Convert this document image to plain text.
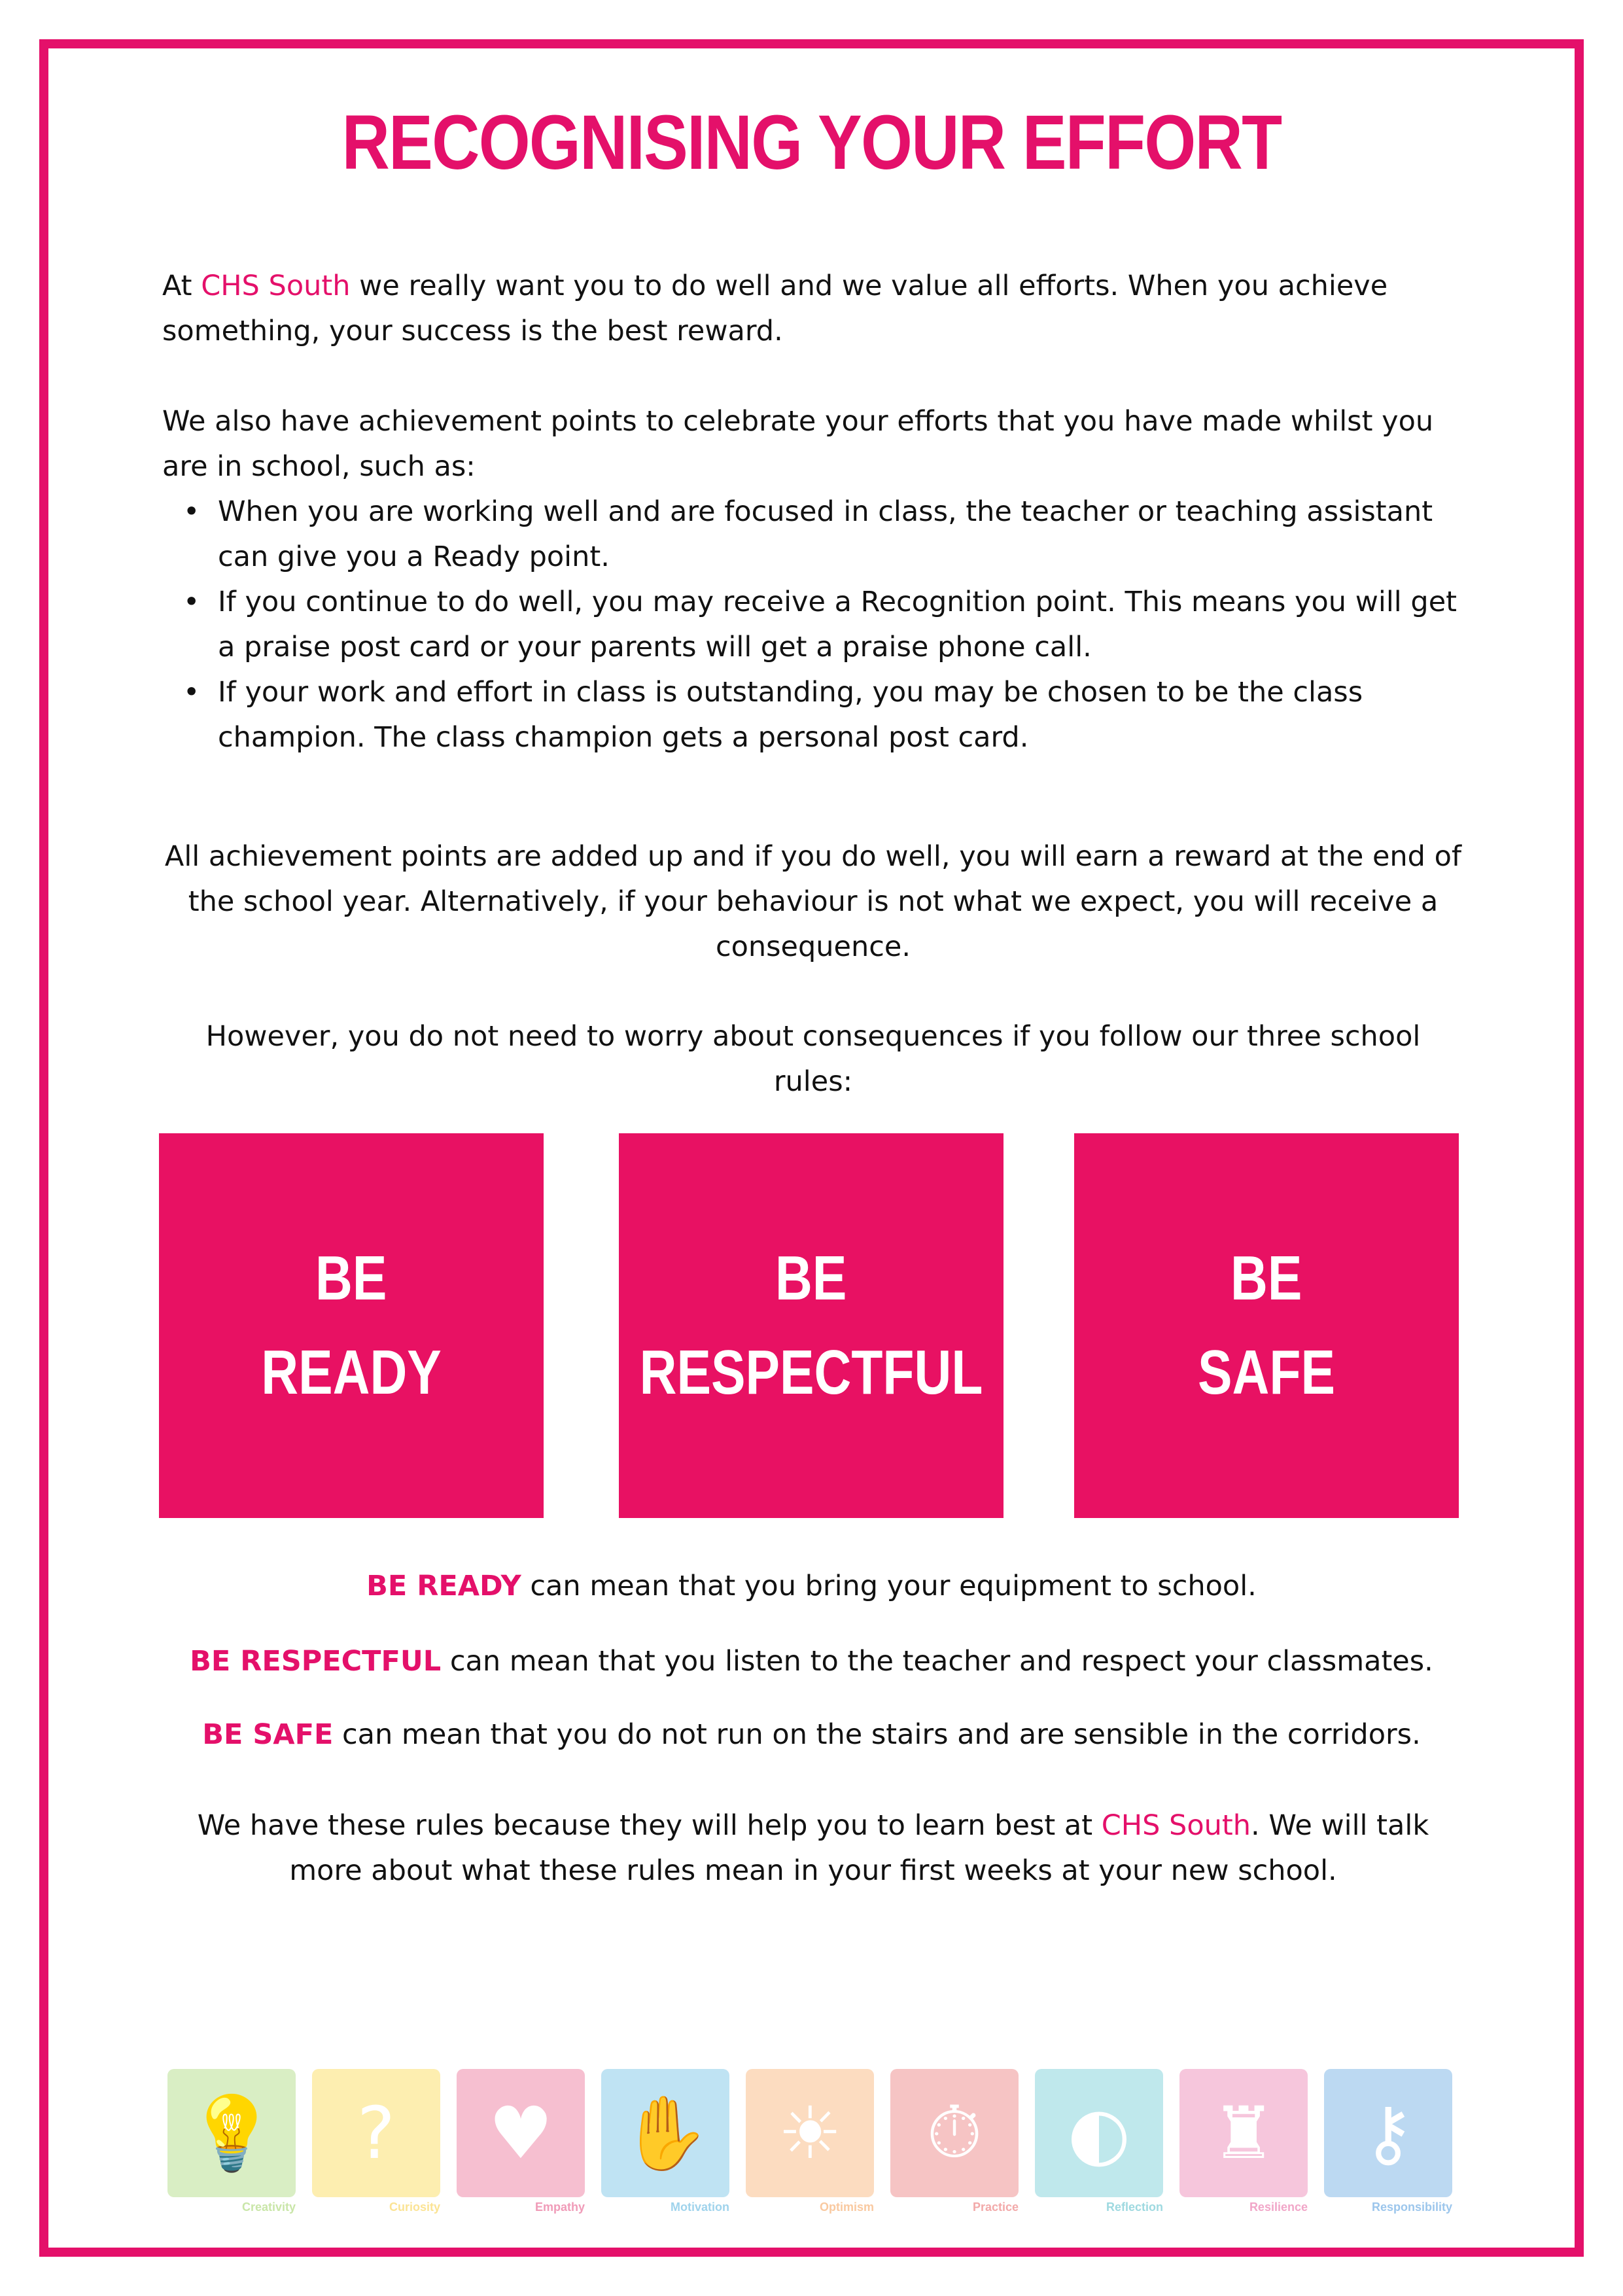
RECOGNISING YOUR EFFORT
At CHS South we really want you to do well and we value all efforts. When you achieve something, your success is the best reward.
We also have achievement points to celebrate your efforts that you have made whilst you are in school, such as:
• When you are working well and are focused in class, the teacher or teaching assistant can give you a Ready point.
• If you continue to do well, you may receive a Recognition point. This means you will get a praise post card or your parents will get a praise phone call.
• If your work and effort in class is outstanding, you may be chosen to be the class champion. The class champion gets a personal post card.
All achievement points are added up and if you do well, you will earn a reward at the end of the school year. Alternatively, if your behaviour is not what we expect, you will receive a consequence.
However, you do not need to worry about consequences if you follow our three school rules:
BE
READY
BE
RESPECTFUL
BE
SAFE
BE READY can mean that you bring your equipment to school.
BE RESPECTFUL can mean that you listen to the teacher and respect your classmates.
BE SAFE can mean that you do not run on the stairs and are sensible in the corridors.
We have these rules because they will help you to learn best at CHS South. We will talk more about what these rules mean in your first weeks at your new school.
💡
Creativity
?
Curiosity
♥
Empathy
✋
Motivation
☀
Optimism
⏱
Practice
◐
Reflection
♜
Resilience
⚷
Responsibility
